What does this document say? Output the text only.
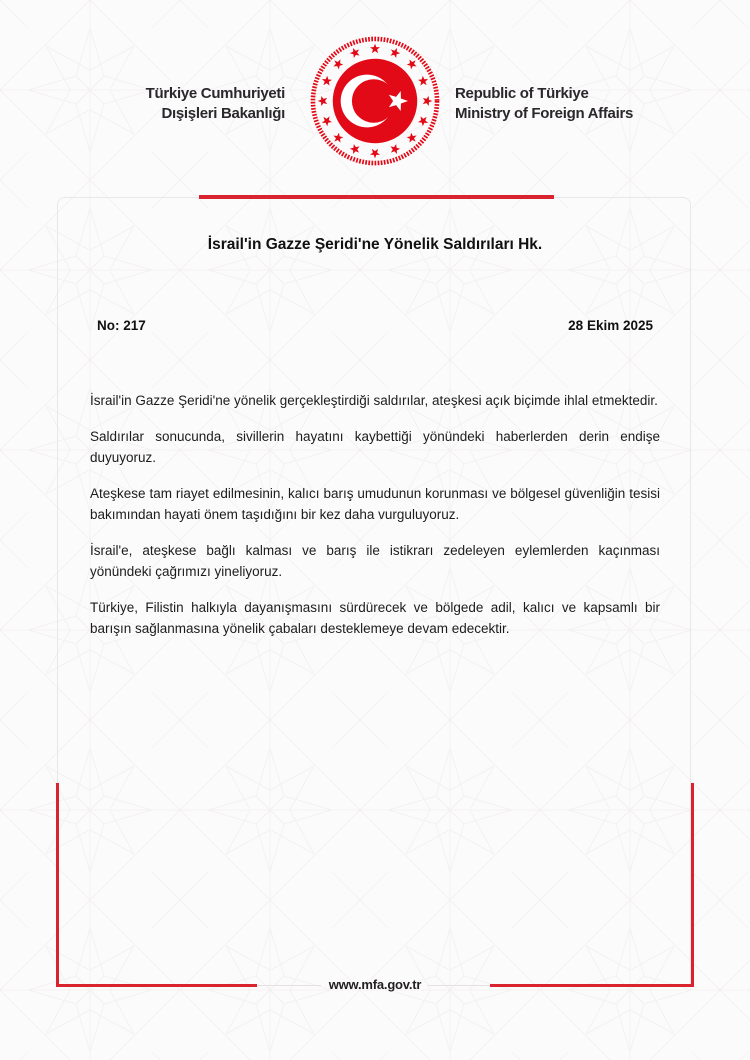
Türkiye Cumhuriyeti
Dışişleri Bakanlığı
Republic of Türkiye
Ministry of Foreign Affairs
İsrail'in Gazze Şeridi'ne Yönelik Saldırıları Hk.
No: 217	28 Ekim 2025

İsrail'in Gazze Şeridi'ne yönelik gerçekleştirdiği saldırılar, ateşkesi açık biçimde ihlal etmektedir.

Saldırılar sonucunda, sivillerin hayatını kaybettiği yönündeki haberlerden derin endişe duyuyoruz.

Ateşkese tam riayet edilmesinin, kalıcı barış umudunun korunması ve bölgesel güvenliğin tesisi bakımından hayati önem taşıdığını bir kez daha vurguluyoruz.

İsrail'e, ateşkese bağlı kalması ve barış ile istikrarı zedeleyen eylemlerden kaçınması yönündeki çağrımızı yineliyoruz.

Türkiye, Filistin halkıyla dayanışmasını sürdürecek ve bölgede adil, kalıcı ve kapsamlı bir barışın sağlanmasına yönelik çabaları desteklemeye devam edecektir.

www.mfa.gov.tr
